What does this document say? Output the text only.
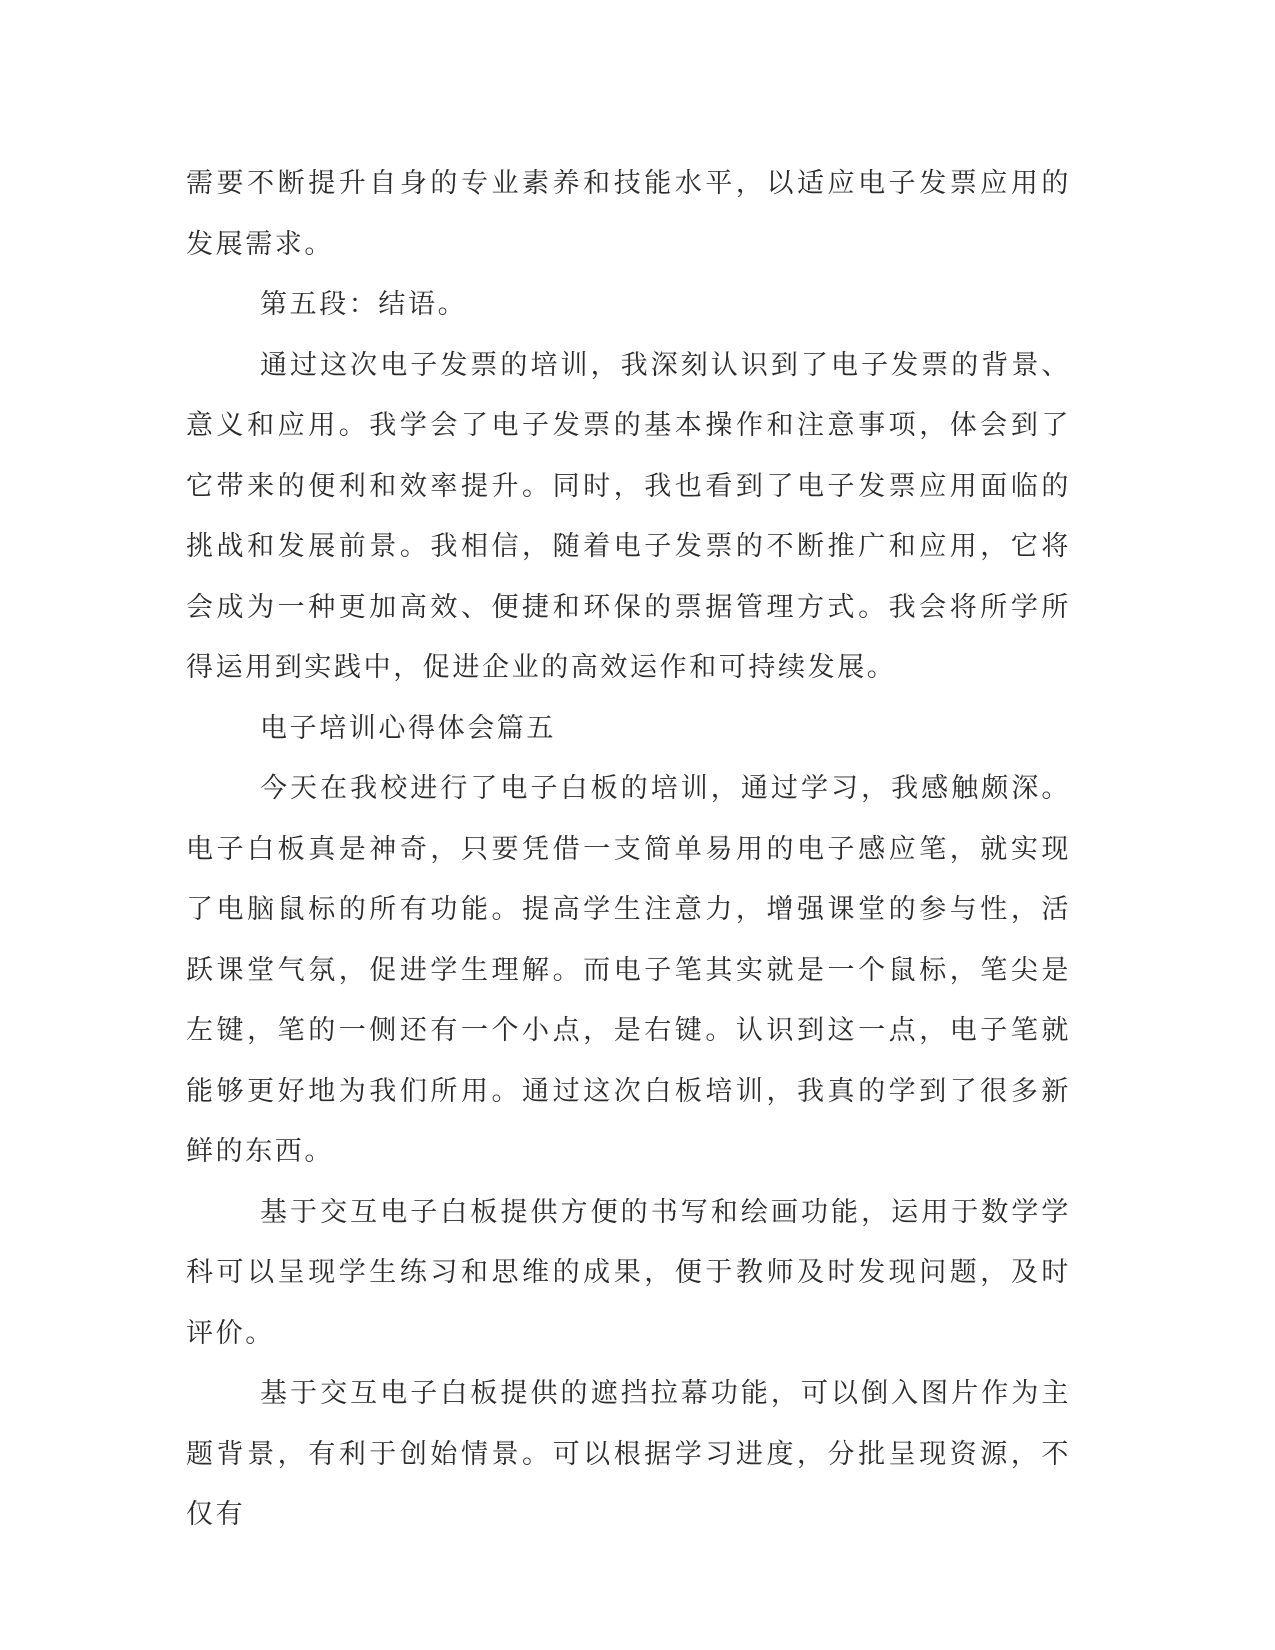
需要不断提升自身的专业素养和技能水平，以适应电子发票应用的发展需求。

第五段：结语。

通过这次电子发票的培训，我深刻认识到了电子发票的背景、意义和应用。我学会了电子发票的基本操作和注意事项，体会到了它带来的便利和效率提升。同时，我也看到了电子发票应用面临的挑战和发展前景。我相信，随着电子发票的不断推广和应用，它将会成为一种更加高效、便捷和环保的票据管理方式。我会将所学所得运用到实践中，促进企业的高效运作和可持续发展。

电子培训心得体会篇五

今天在我校进行了电子白板的培训，通过学习，我感触颇深。电子白板真是神奇，只要凭借一支简单易用的电子感应笔，就实现了电脑鼠标的所有功能。提高学生注意力，增强课堂的参与性，活跃课堂气氛，促进学生理解。而电子笔其实就是一个鼠标，笔尖是左键，笔的一侧还有一个小点，是右键。认识到这一点，电子笔就能够更好地为我们所用。通过这次白板培训，我真的学到了很多新鲜的东西。

基于交互电子白板提供方便的书写和绘画功能，运用于数学学科可以呈现学生练习和思维的成果，便于教师及时发现问题，及时评价。

基于交互电子白板提供的遮挡拉幕功能，可以倒入图片作为主题背景，有利于创始情景。可以根据学习进度，分批呈现资源，不仅有
